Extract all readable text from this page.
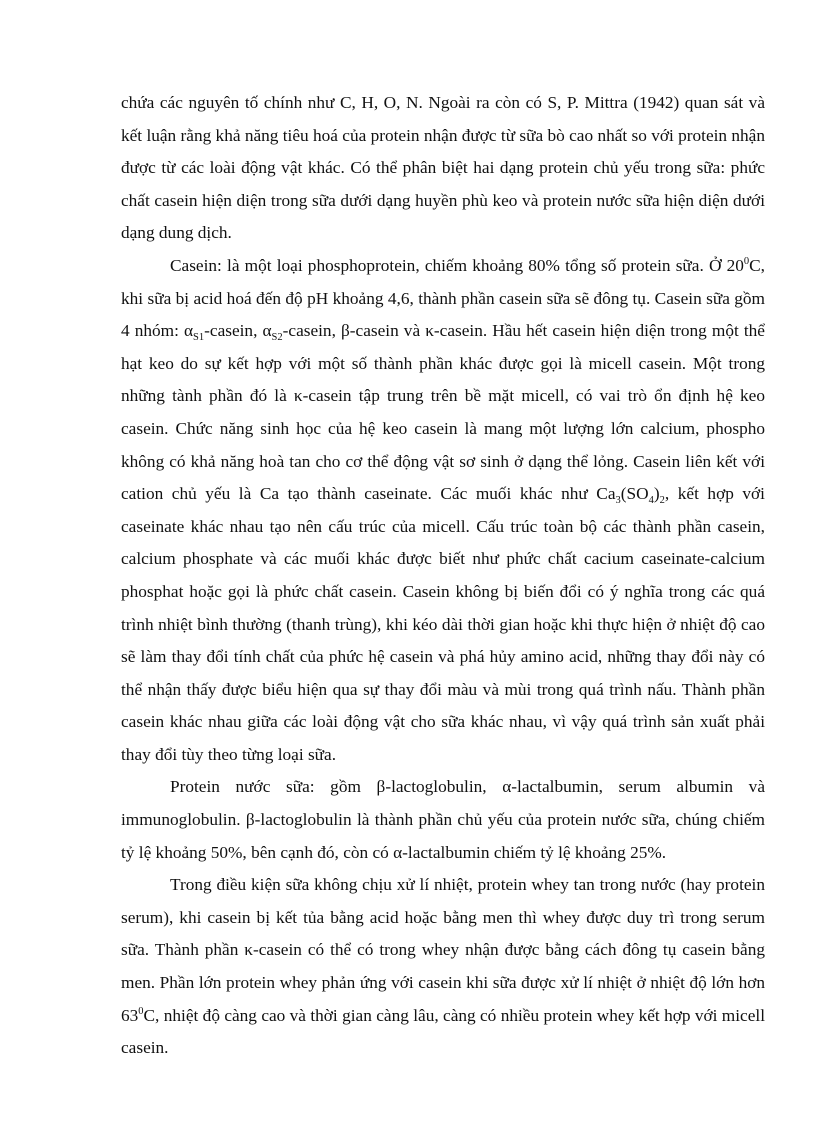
chứa các nguyên tố chính như C, H, O, N. Ngoài ra còn có S, P. Mittra (1942) quan sát và kết luận rằng khả năng tiêu hoá của protein nhận được từ sữa bò cao nhất so với protein nhận được từ các loài động vật khác. Có thể phân biệt hai dạng protein chủ yếu trong sữa: phức chất casein hiện diện trong sữa dưới dạng huyền phù keo và protein nước sữa hiện diện dưới dạng dung dịch.

Casein: là một loại phosphoprotein, chiếm khoảng 80% tổng số protein sữa. Ở $20^0C$, khi sữa bị acid hoá đến độ pH khoảng 4,6, thành phần casein sữa sẽ đông tụ. Casein sữa gồm 4 nhóm: $\alpha_{S1}$-casein, $\alpha_{S2}$-casein, β-casein và κ-casein. Hầu hết casein hiện diện trong một thể hạt keo do sự kết hợp với một số thành phần khác được gọi là micell casein. Một trong những tành phần đó là κ-casein tập trung trên bề mặt micell, có vai trò ổn định hệ keo casein. Chức năng sinh học của hệ keo casein là mang một lượng lớn calcium, phospho không có khả năng hoà tan cho cơ thể động vật sơ sinh ở dạng thể lỏng. Casein liên kết với cation chủ yếu là Ca tạo thành caseinate. Các muối khác như $Ca_3(SO_4)_2$, kết hợp với caseinate khác nhau tạo nên cấu trúc của micell. Cấu trúc toàn bộ các thành phần casein, calcium phosphate và các muối khác được biết như phức chất cacium caseinate-calcium phosphat hoặc gọi là phức chất casein. Casein không bị biến đổi có ý nghĩa trong các quá trình nhiệt bình thường (thanh trùng), khi kéo dài thời gian hoặc khi thực hiện ở nhiệt độ cao sẽ làm thay đổi tính chất của phức hệ casein và phá hủy amino acid, những thay đổi này có thể nhận thấy được biểu hiện qua sự thay đổi màu và mùi trong quá trình nấu. Thành phần casein khác nhau giữa các loài động vật cho sữa khác nhau, vì vậy quá trình sản xuất phải thay đổi tùy theo từng loại sữa.

Protein nước sữa: gồm β-lactoglobulin, α-lactalbumin, serum albumin và immunoglobulin. β-lactoglobulin là thành phần chủ yếu của protein nước sữa, chúng chiếm tỷ lệ khoảng 50%, bên cạnh đó, còn có α-lactalbumin chiếm tỷ lệ khoảng 25%.

Trong điều kiện sữa không chịu xử lí nhiệt, protein whey tan trong nước (hay protein serum), khi casein bị kết tủa bằng acid hoặc bằng men thì whey được duy trì trong serum sữa. Thành phần κ-casein có thể có trong whey nhận được bằng cách đông tụ casein bằng men. Phần lớn protein whey phản ứng với casein khi sữa được xử lí nhiệt ở nhiệt độ lớn hơn $63^0C$, nhiệt độ càng cao và thời gian càng lâu, càng có nhiều protein whey kết hợp với micell casein.
